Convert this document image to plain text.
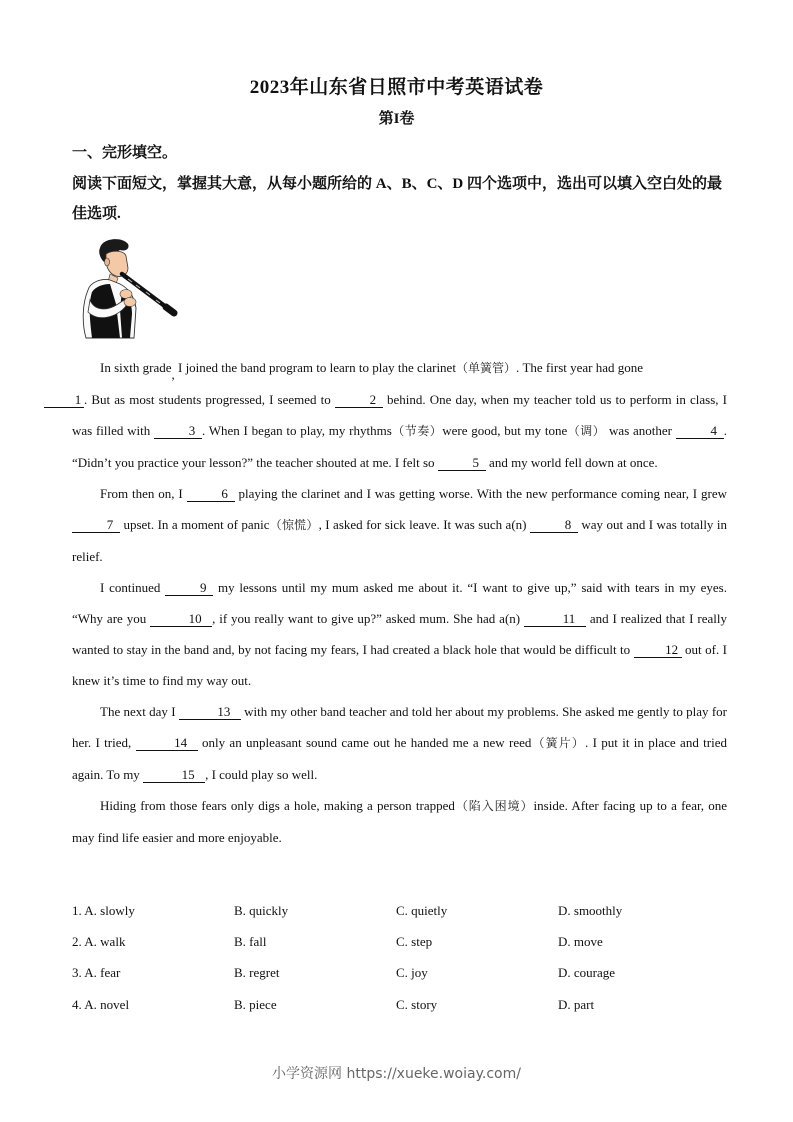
2023年山东省日照市中考英语试卷
第I卷
一、完形填空。
阅读下面短文，掌握其大意，从每小题所给的 A、B、C、D 四个选项中，选出可以填入空白处的最佳选项.

In sixth grade, I joined the band program to learn to play the clarinet（单簧管）. The first year had gone
1 . But as most students progressed, I seemed to	2 behind. One day, when my teacher told us to perform in class, I was filled with	3 . When I began to play, my rhythms（节奏）were good, but my tone（调） was another	4 . “Didn’t you practice your lesson?” the teacher shouted at me. I felt so	5 and my world fell down at once.

From then on, I	6 playing the clarinet and I was getting worse. With the new performance coming near, I grew 7 upset. In a moment of panic（惊慌）, I asked for sick leave. It was such a(n)	8 way out and I was totally in relief.

I continued	9 my lessons until my mum asked me about it. “I want to give up,” said with tears in my eyes. “Why are you	10 , if you really want to give up?” asked mum. She had a(n)	11 and I realized that I really wanted to stay in the band and, by not facing my fears, I had created a black hole that would be difficult to 12 out of. I knew it’s time to find my way out.

The next day I	13 with my other band teacher and told her about my problems. She asked me gently to play for her. I tried,	14 only an unpleasant sound came out he handed me a new reed（簧片）. I put it in place and tried again. To my	15 , I could play so well.

Hiding from those fears only digs a hole, making a person trapped（陷入困境）inside. After facing up to a fear, one may find life easier and more enjoyable.

1. A. slowly	B. quickly	C. quietly	D. smoothly
2. A. walk	B. fall	C. step	D. move
3. A. fear	B. regret	C. joy	D. courage
4. A. novel	B. piece	C. story	D. part
小学资源网 https://xueke.woiay.com/
